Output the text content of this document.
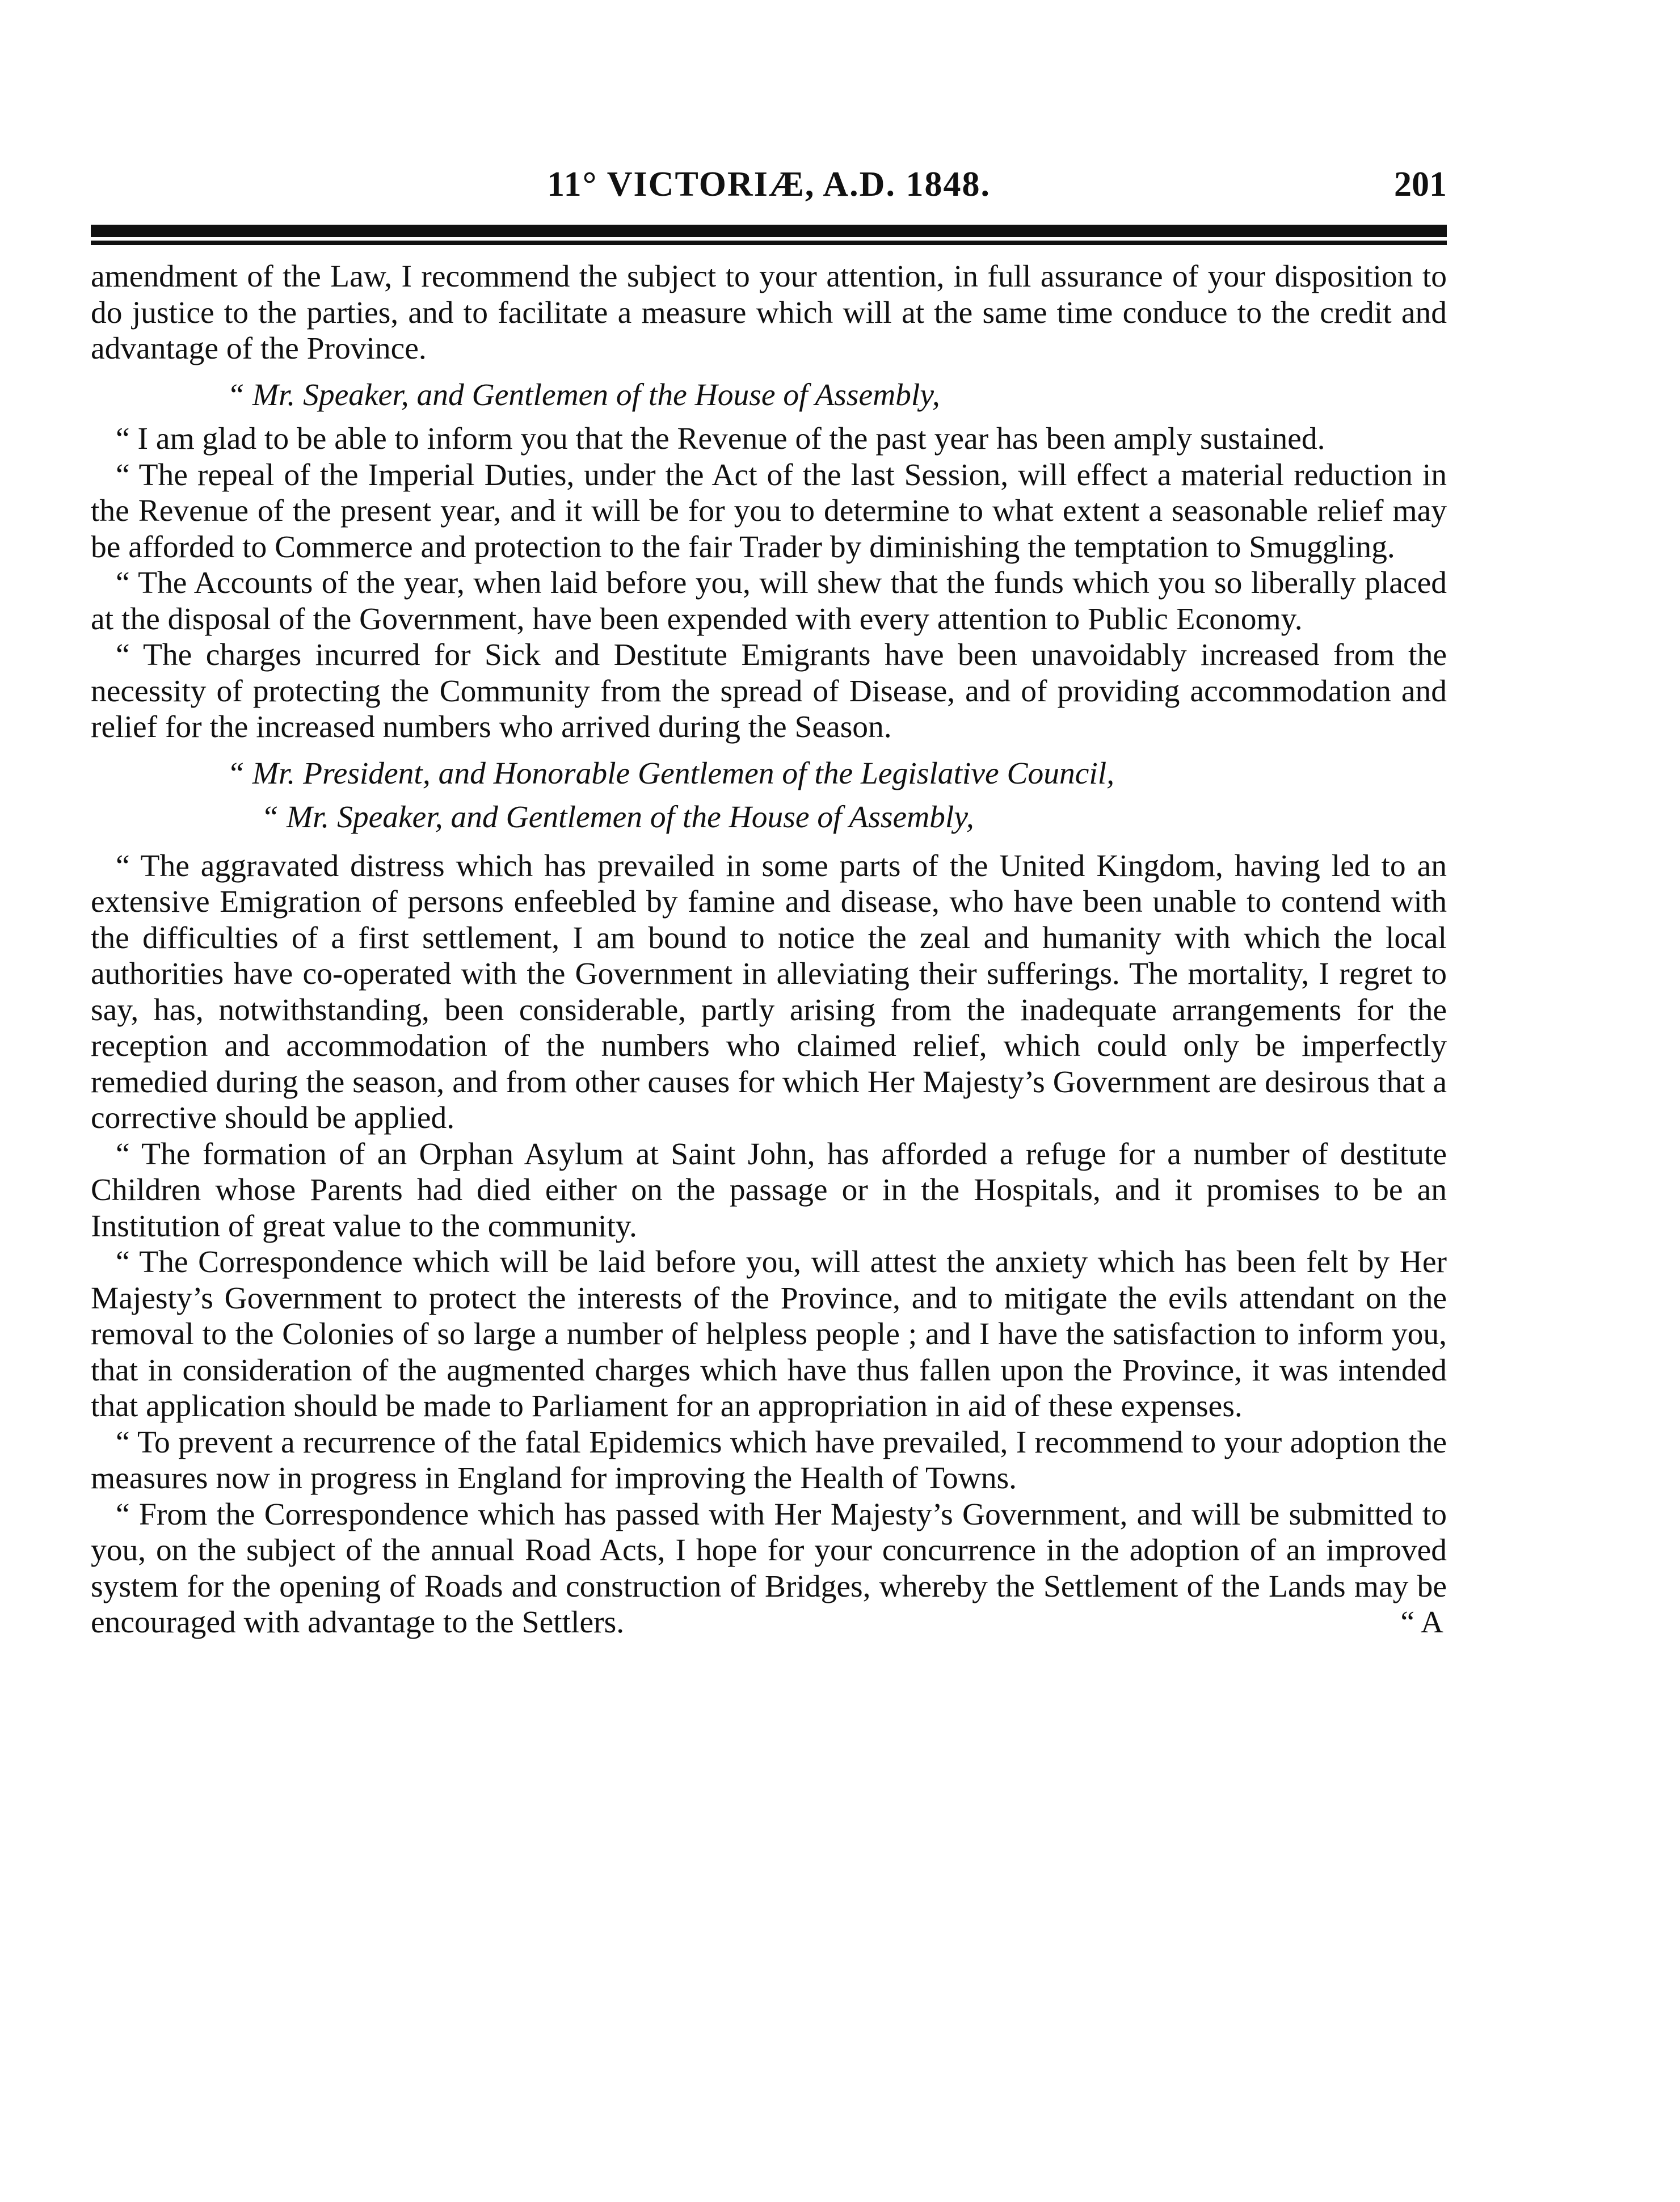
11° VICTORIÆ, A.D. 1848.	201

amendment of the Law, I recommend the subject to your attention, in full assurance of your disposition to do justice to the parties, and to facilitate a measure which will at the same time conduce to the credit and advantage of the Province.

“ Mr. Speaker, and Gentlemen of the House of Assembly,

“ I am glad to be able to inform you that the Revenue of the past year has been amply sustained.

“ The repeal of the Imperial Duties, under the Act of the last Session, will effect a material reduction in the Revenue of the present year, and it will be for you to determine to what extent a seasonable relief may be afforded to Commerce and protection to the fair Trader by diminishing the temptation to Smuggling.

“ The Accounts of the year, when laid before you, will shew that the funds which you so liberally placed at the disposal of the Government, have been expended with every attention to Public Economy.

“ The charges incurred for Sick and Destitute Emigrants have been unavoidably increased from the necessity of protecting the Community from the spread of Disease, and of providing accommodation and relief for the increased numbers who arrived during the Season.

“ Mr. President, and Honorable Gentlemen of the Legislative Council,

“ Mr. Speaker, and Gentlemen of the House of Assembly,

“ The aggravated distress which has prevailed in some parts of the United Kingdom, having led to an extensive Emigration of persons enfeebled by famine and disease, who have been unable to contend with the difficulties of a first settlement, I am bound to notice the zeal and humanity with which the local authorities have co-operated with the Government in alleviating their sufferings. The mortality, I regret to say, has, notwithstanding, been considerable, partly arising from the inadequate arrangements for the reception and accommodation of the numbers who claimed relief, which could only be imperfectly remedied during the season, and from other causes for which Her Majesty’s Government are desirous that a corrective should be applied.

“ The formation of an Orphan Asylum at Saint John, has afforded a refuge for a number of destitute Children whose Parents had died either on the passage or in the Hospitals, and it promises to be an Institution of great value to the community.

“ The Correspondence which will be laid before you, will attest the anxiety which has been felt by Her Majesty’s Government to protect the interests of the Province, and to mitigate the evils attendant on the removal to the Colonies of so large a number of helpless people ; and I have the satisfaction to inform you, that in consideration of the augmented charges which have thus fallen upon the Province, it was intended that application should be made to Parliament for an appropriation in aid of these expenses.

“ To prevent a recurrence of the fatal Epidemics which have prevailed, I recommend to your adoption the measures now in progress in England for improving the Health of Towns.

“ From the Correspondence which has passed with Her Majesty’s Government, and will be submitted to you, on the subject of the annual Road Acts, I hope for your concurrence in the adoption of an improved system for the opening of Roads and construction of Bridges, whereby the Settlement of the Lands may be encouraged with advantage to the Settlers.	“ A
